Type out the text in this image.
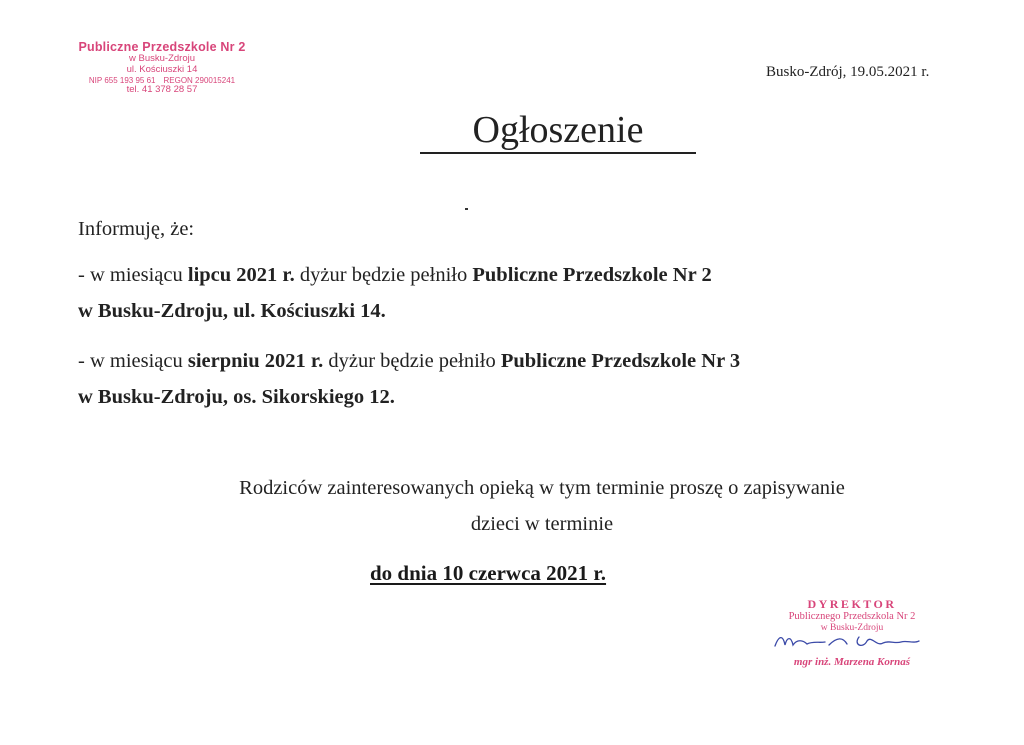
Publiczne Przedszkole Nr 2
w Busku-Zdroju
ul. Kościuszki 14
NIP 655 193 95 61 REGON 290015241
tel. 41 378 28 57
Busko-Zdrój, 19.05.2021 r.
Ogłoszenie
Informuję, że:
- w miesiącu lipcu 2021 r. dyżur będzie pełniło Publiczne Przedszkole Nr 2
w Busku-Zdroju, ul. Kościuszki 14.
- w miesiącu sierpniu 2021 r. dyżur będzie pełniło Publiczne Przedszkole Nr 3
w Busku-Zdroju, os. Sikorskiego 12.
Rodziców zainteresowanych opieką w tym terminie proszę o zapisywanie
dzieci w terminie
do dnia 10 czerwca 2021 r.
DYREKTOR
Publicznego Przedszkola Nr 2
w Busku-Zdroju
mgr inż. Marzena Kornaś
